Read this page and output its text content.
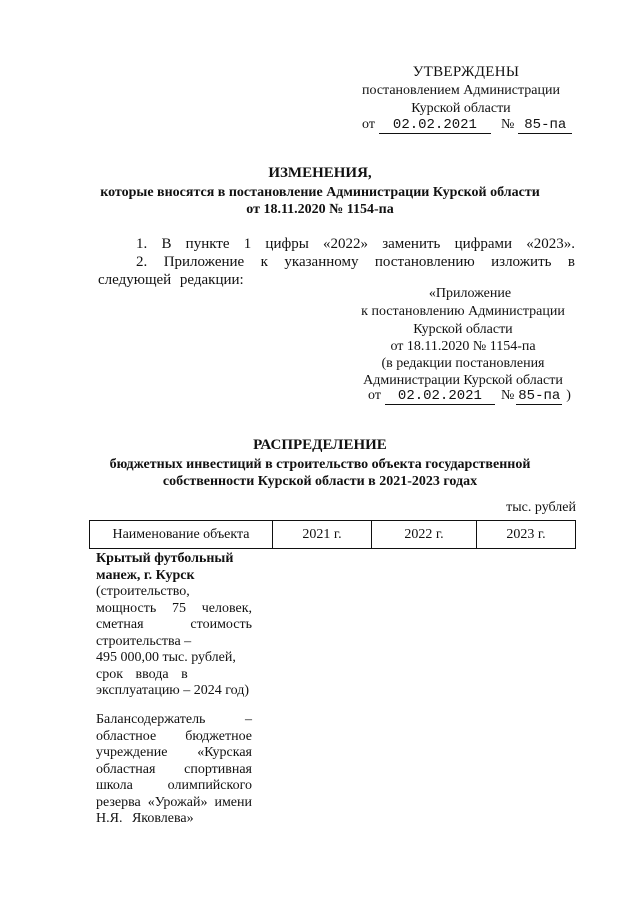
УТВЕРЖДЕНЫ
постановлением Администрации
Курской области
от 02.02.2021 № 85-па
ИЗМЕНЕНИЯ,
которые вносятся в постановление Администрации Курской области
от 18.11.2020 № 1154-па
1. В пункте 1 цифры «2022» заменить цифрами «2023».
2. Приложение к указанному постановлению изложить в
следующей редакции:
«Приложение
к постановлению Администрации
Курской области
от 18.11.2020 № 1154-па
(в редакции постановления
Администрации Курской области
от 02.02.2021 № 85-па )
РАСПРЕДЕЛЕНИЕ
бюджетных инвестиций в строительство объекта государственной
собственности Курской области в 2021-2023 годах
тыс. рублей
Наименование объекта	2021 г.	2022 г.	2023 г.
Крытый футбольный
манеж, г. Курск
(строительство,
мощность 75 человек,
сметная стоимость
строительства –
495 000,00 тыс. рублей,
срок ввода в
эксплуатацию – 2024 год)
Балансодержатель –
областное бюджетное
учреждение «Курская
областная спортивная
школа олимпийского
резерва «Урожай» имени
Н.Я. Яковлева»
